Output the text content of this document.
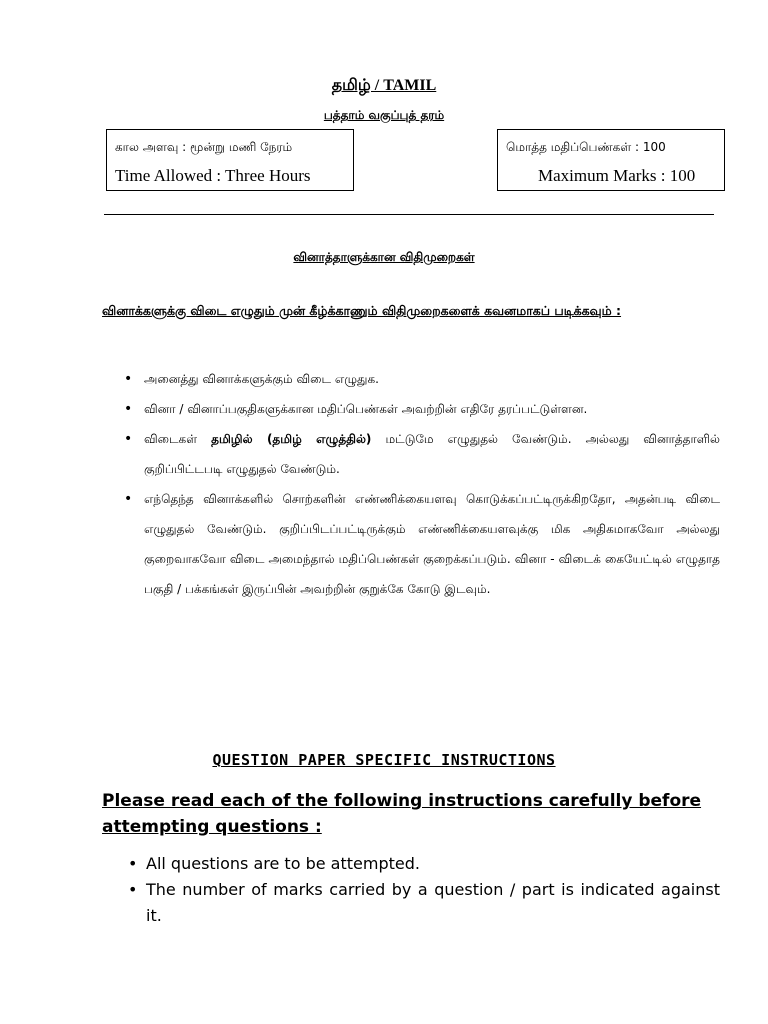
தமிழ் / TAMIL
பத்தாம் வகுப்புத் தரம்
கால அளவு : மூன்று மணி நேரம்
Time Allowed : Three Hours
மொத்த மதிப்பெண்கள் : 100
Maximum Marks : 100
வினாத்தாளுக்கான விதிமுறைகள்
வினாக்களுக்கு விடை எழுதும் முன் கீழ்க்காணும் விதிமுறைகளைக் கவனமாகப் படிக்கவும் :
• அனைத்து வினாக்களுக்கும் விடை எழுதுக.
• வினா / வினாப்பகுதிகளுக்கான மதிப்பெண்கள் அவற்றின் எதிரே தரப்பட்டுள்ளன.
• விடைகள் தமிழில் (தமிழ் எழுத்தில்) மட்டுமே எழுதுதல் வேண்டும். அல்லது வினாத்தாளில் குறிப்பிட்டபடி எழுதுதல் வேண்டும்.
• எந்தெந்த வினாக்களில் சொற்களின் எண்ணிக்கையளவு கொடுக்கப்பட்டிருக்கிறதோ, அதன்படி விடை எழுதுதல் வேண்டும். குறிப்பிடப்பட்டிருக்கும் எண்ணிக்கையளவுக்கு மிக அதிகமாகவோ அல்லது குறைவாகவோ விடை அமைந்தால் மதிப்பெண்கள் குறைக்கப்படும். வினா - விடைக் கையேட்டில் எழுதாத பகுதி / பக்கங்கள் இருப்பின் அவற்றின் குறுக்கே கோடு இடவும்.
QUESTION PAPER SPECIFIC INSTRUCTIONS
Please read each of the following instructions carefully before attempting questions :
• All questions are to be attempted.
• The number of marks carried by a question / part is indicated against it.
